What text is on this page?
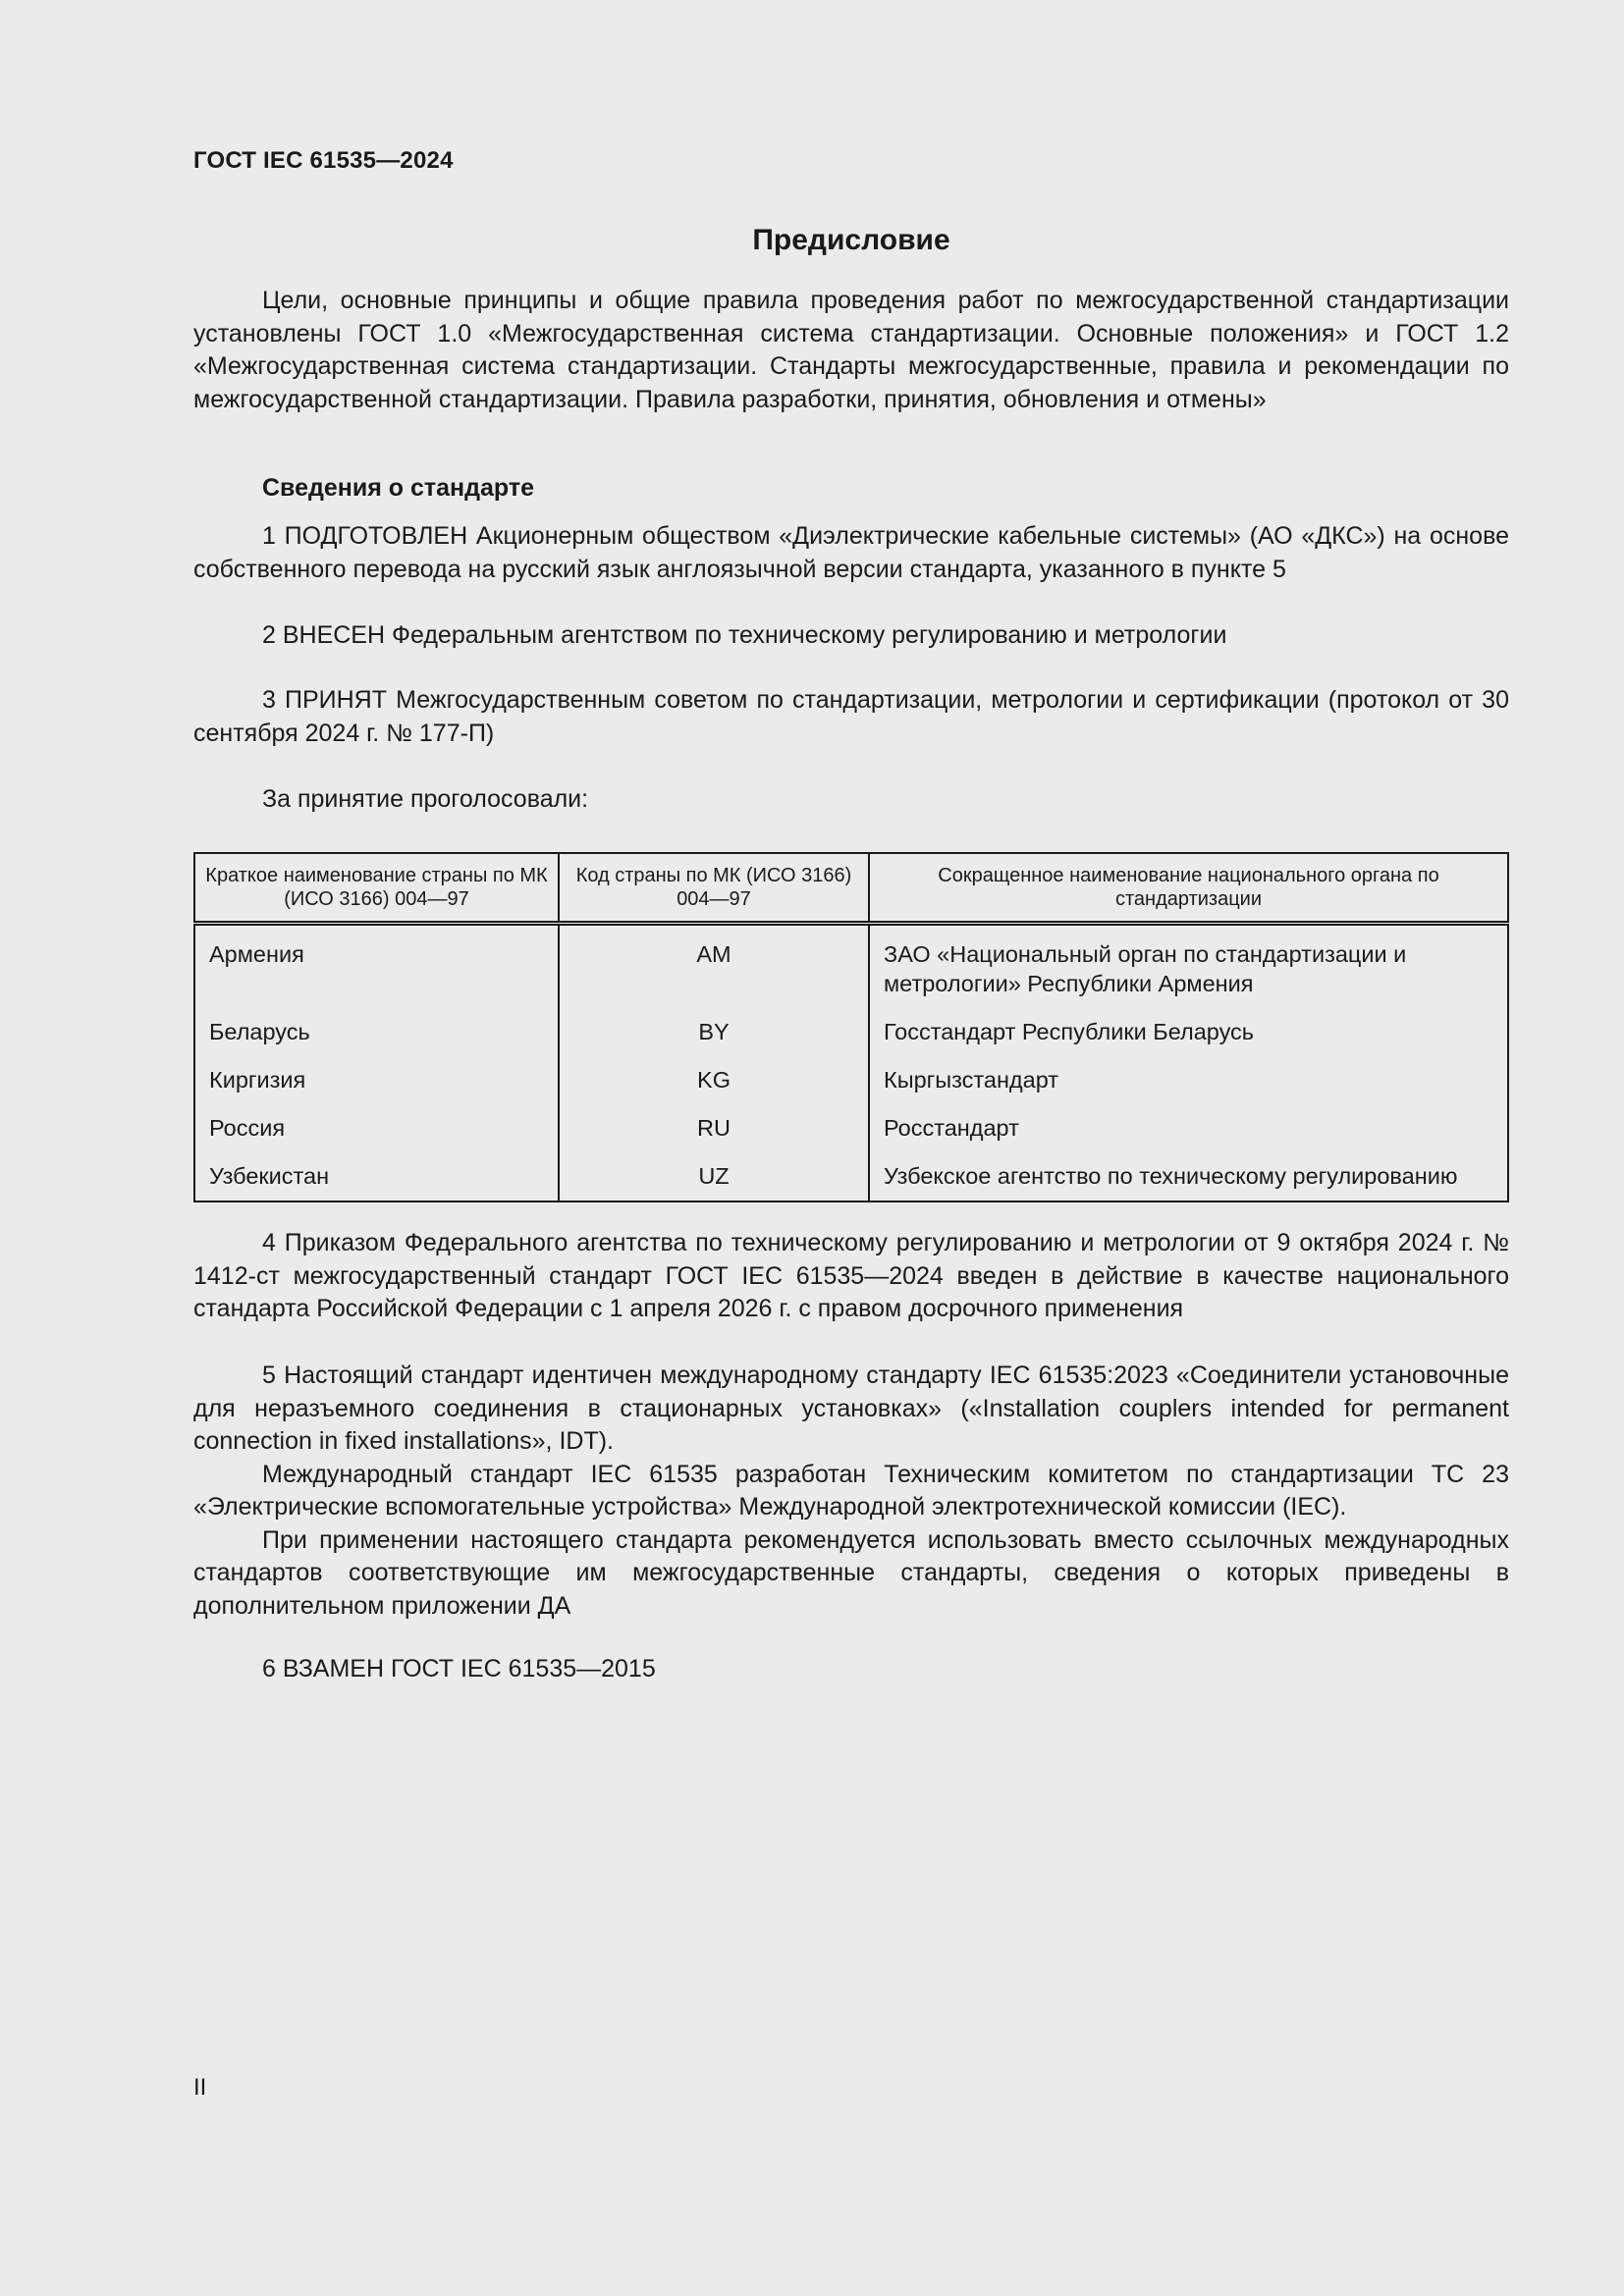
ГОСТ IEC 61535—2024
Предисловие

Цели, основные принципы и общие правила проведения работ по межгосударственной стандартизации установлены ГОСТ 1.0 «Межгосударственная система стандартизации. Основные положения» и ГОСТ 1.2 «Межгосударственная система стандартизации. Стандарты межгосударственные, правила и рекомендации по межгосударственной стандартизации. Правила разработки, принятия, обновления и отмены»

Сведения о стандарте

1 ПОДГОТОВЛЕН Акционерным обществом «Диэлектрические кабельные системы» (АО «ДКС») на основе собственного перевода на русский язык англоязычной версии стандарта, указанного в пункте 5

2 ВНЕСЕН Федеральным агентством по техническому регулированию и метрологии

3 ПРИНЯТ Межгосударственным советом по стандартизации, метрологии и сертификации (протокол от 30 сентября 2024 г. № 177-П)

За принятие проголосовали:

Краткое наименование страны по МК (ИСО 3166) 004—97	Код страны по МК (ИСО 3166) 004—97	Сокращенное наименование национального органа по стандартизации
Армения	AM	ЗАО «Национальный орган по стандартизации и метрологии» Республики Армения
Беларусь	BY	Госстандарт Республики Беларусь
Киргизия	KG	Кыргызстандарт
Россия	RU	Росстандарт
Узбекистан	UZ	Узбекское агентство по техническому регулированию

4 Приказом Федерального агентства по техническому регулированию и метрологии от 9 октября 2024 г. № 1412-ст межгосударственный стандарт ГОСТ IEC 61535—2024 введен в действие в качестве национального стандарта Российской Федерации с 1 апреля 2026 г. с правом досрочного применения

5 Настоящий стандарт идентичен международному стандарту IEC 61535:2023 «Соединители установочные для неразъемного соединения в стационарных установках» («Installation couplers intended for permanent connection in fixed installations», IDT).

Международный стандарт IEC 61535 разработан Техническим комитетом по стандартизации TC 23 «Электрические вспомогательные устройства» Международной электротехнической комиссии (IEC).

При применении настоящего стандарта рекомендуется использовать вместо ссылочных международных стандартов соответствующие им межгосударственные стандарты, сведения о которых приведены в дополнительном приложении ДА

6 ВЗАМЕН ГОСТ IEC 61535—2015

II
